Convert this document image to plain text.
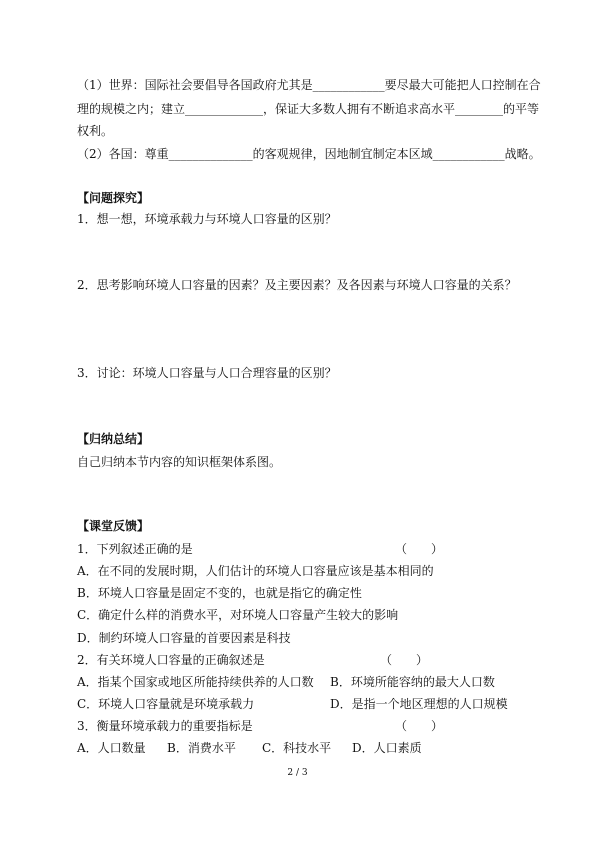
（1）世界：国际社会要倡导各国政府尤其是____________要尽最大可能把人口控制在合

理的规模之内；建立_____________，保证大多数人拥有不断追求高水平________的平等

权利。

（2）各国：尊重______________的客观规律，因地制宜制定本区域____________战略。

【问题探究】

1．想一想，环境承载力与环境人口容量的区别？

2．思考影响环境人口容量的因素？及主要因素？及各因素与环境人口容量的关系？

3．讨论：环境人口容量与人口合理容量的区别？

【归纳总结】

自己归纳本节内容的知识框架体系图。

【课堂反馈】

1．下列叙述正确的是	（　　）

A．在不同的发展时期，人们估计的环境人口容量应该是基本相同的

B．环境人口容量是固定不变的，也就是指它的确定性

C．确定什么样的消费水平，对环境人口容量产生较大的影响

D．制约环境人口容量的首要因素是科技

2．有关环境人口容量的正确叙述是	（　　）
A．指某个国家或地区所能持续供养的人口数 B．环境所能容纳的最大人口数
C．环境人口容量就是环境承载力	D．是指一个地区理想的人口规模

3．衡量环境承载力的重要指标是	（　　）
A．人口数量 B．消费水平 C．科技水平 D．人口素质
2 / 3
